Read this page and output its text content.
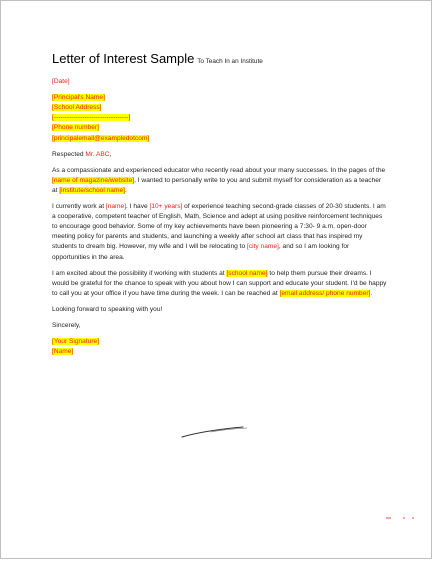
Letter of Interest Sample To Teach In an Institute

[Date]

[Principal's Name]
[School Address]
[----------------------------------]
[Phone number]
[principalemail@exampledotcom]

Respected Mr. ABC,

As a compassionate and experienced educator who recently read about your many successes. In the pages of the [name of magazine/website], I wanted to personally write to you and submit myself for consideration as a teacher at [institute/school name].

I currently work at [name]. I have [10+ years] of experience teaching second-grade classes of 20-30 students. I am a cooperative, competent teacher of English, Math, Science and adept at using positive reinforcement techniques to encourage good behavior. Some of my key achievements have been pioneering a 7:30- 9 a.m. open-door meeting policy for parents and students, and launching a weekly after school art class that has inspired my students to dream big. However, my wife and I will be relocating to [city name], and so I am looking for opportunities in the area.

I am excited about the possibility if working with students at [school name] to help them pursue their dreams. I would be grateful for the chance to speak with you about how I can support and educate your student. I'd be happy to call you at your office if you have time during the week. I can be reached at [email address/ phone number].

Looking forward to speaking with you!

Sincerely,

[Your Signature]
[Name]
